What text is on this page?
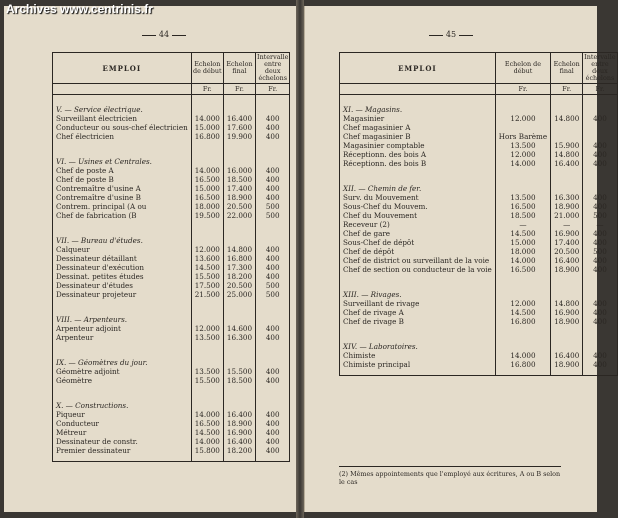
Archives www.centrinis.fr
44
EMPLOI	Echelon de début	Echelon final	Intervalle entre deux échelons
	Fr.	Fr.	Fr.
V. — Service électrique.			
Surveillant électricien	14.000	16.400	400
Conducteur ou sous-chef électricien	15.000	17.600	400
Chef électricien	16.800	19.900	400

VI. — Usines et Centrales.			
Chef de poste A	14.000	16.000	400
Chef de poste B	16.500	18.500	400
Contremaître d'usine A	15.000	17.400	400
Contremaître d'usine B	16.500	18.900	400
Contrem. principal (A ou	18.000	20.500	500
Chef de fabrication (B	19.500	22.000	500

VII. — Bureau d'études.			
Calqueur	12.000	14.800	400
Dessinateur détaillant	13.600	16.800	400
Dessinateur d'exécution	14.500	17.300	400
Dessinat. petites études	15.500	18.200	400
Dessinateur d'études	17.500	20.500	500
Dessinateur projeteur	21.500	25.000	500

VIII. — Arpenteurs.			
Arpenteur adjoint	12.000	14.600	400
Arpenteur	13.500	16.300	400

IX. — Géomètres du jour.			
Géomètre adjoint	13.500	15.500	400
Géomètre	15.500	18.500	400

X. — Constructions.			
Piqueur	14.000	16.400	400
Conducteur	16.500	18.900	400
Métreur	14.500	16.900	400
Dessinateur de constr.	14.000	16.400	400
Premier dessinateur	15.800	18.200	400

45
EMPLOI	Echelon de début	Echelon final	Intervalle entre deux échelons
	Fr.	Fr.	Fr.
XI. — Magasins.			
Magasinier	12.000	14.800	400
Chef magasinier A			
Chef magasinier B	Hors Barème		
Magasinier comptable	13.500	15.900	400
Réceptionn. des bois A	12.000	14.800	400
Réceptionn. des bois B	14.000	16.400	400

XII. — Chemin de fer.			
Surv. du Mouvement	13.500	16.300	400
Sous-Chef du Mouvem.	16.500	18.900	400
Chef du Mouvement	18.500	21.000	500
Receveur (2)	—	—	—
Chef de gare	14.500	16.900	400
Sous-Chef de dépôt	15.000	17.400	400
Chef de dépôt	18.000	20.500	500
Chef de district ou surveillant de la voie	14.000	16.400	400
Chef de section ou conducteur de la voie	16.500	18.900	400

XIII. — Rivages.			
Surveillant de rivage	12.000	14.800	400
Chef de rivage A	14.500	16.900	400
Chef de rivage B	16.800	18.900	400

XIV. — Laboratoires.			
Chimiste	14.000	16.400	400
Chimiste principal	16.800	18.900	400

(2) Mêmes appointements que l'employé aux écritures, A ou B selon le cas
